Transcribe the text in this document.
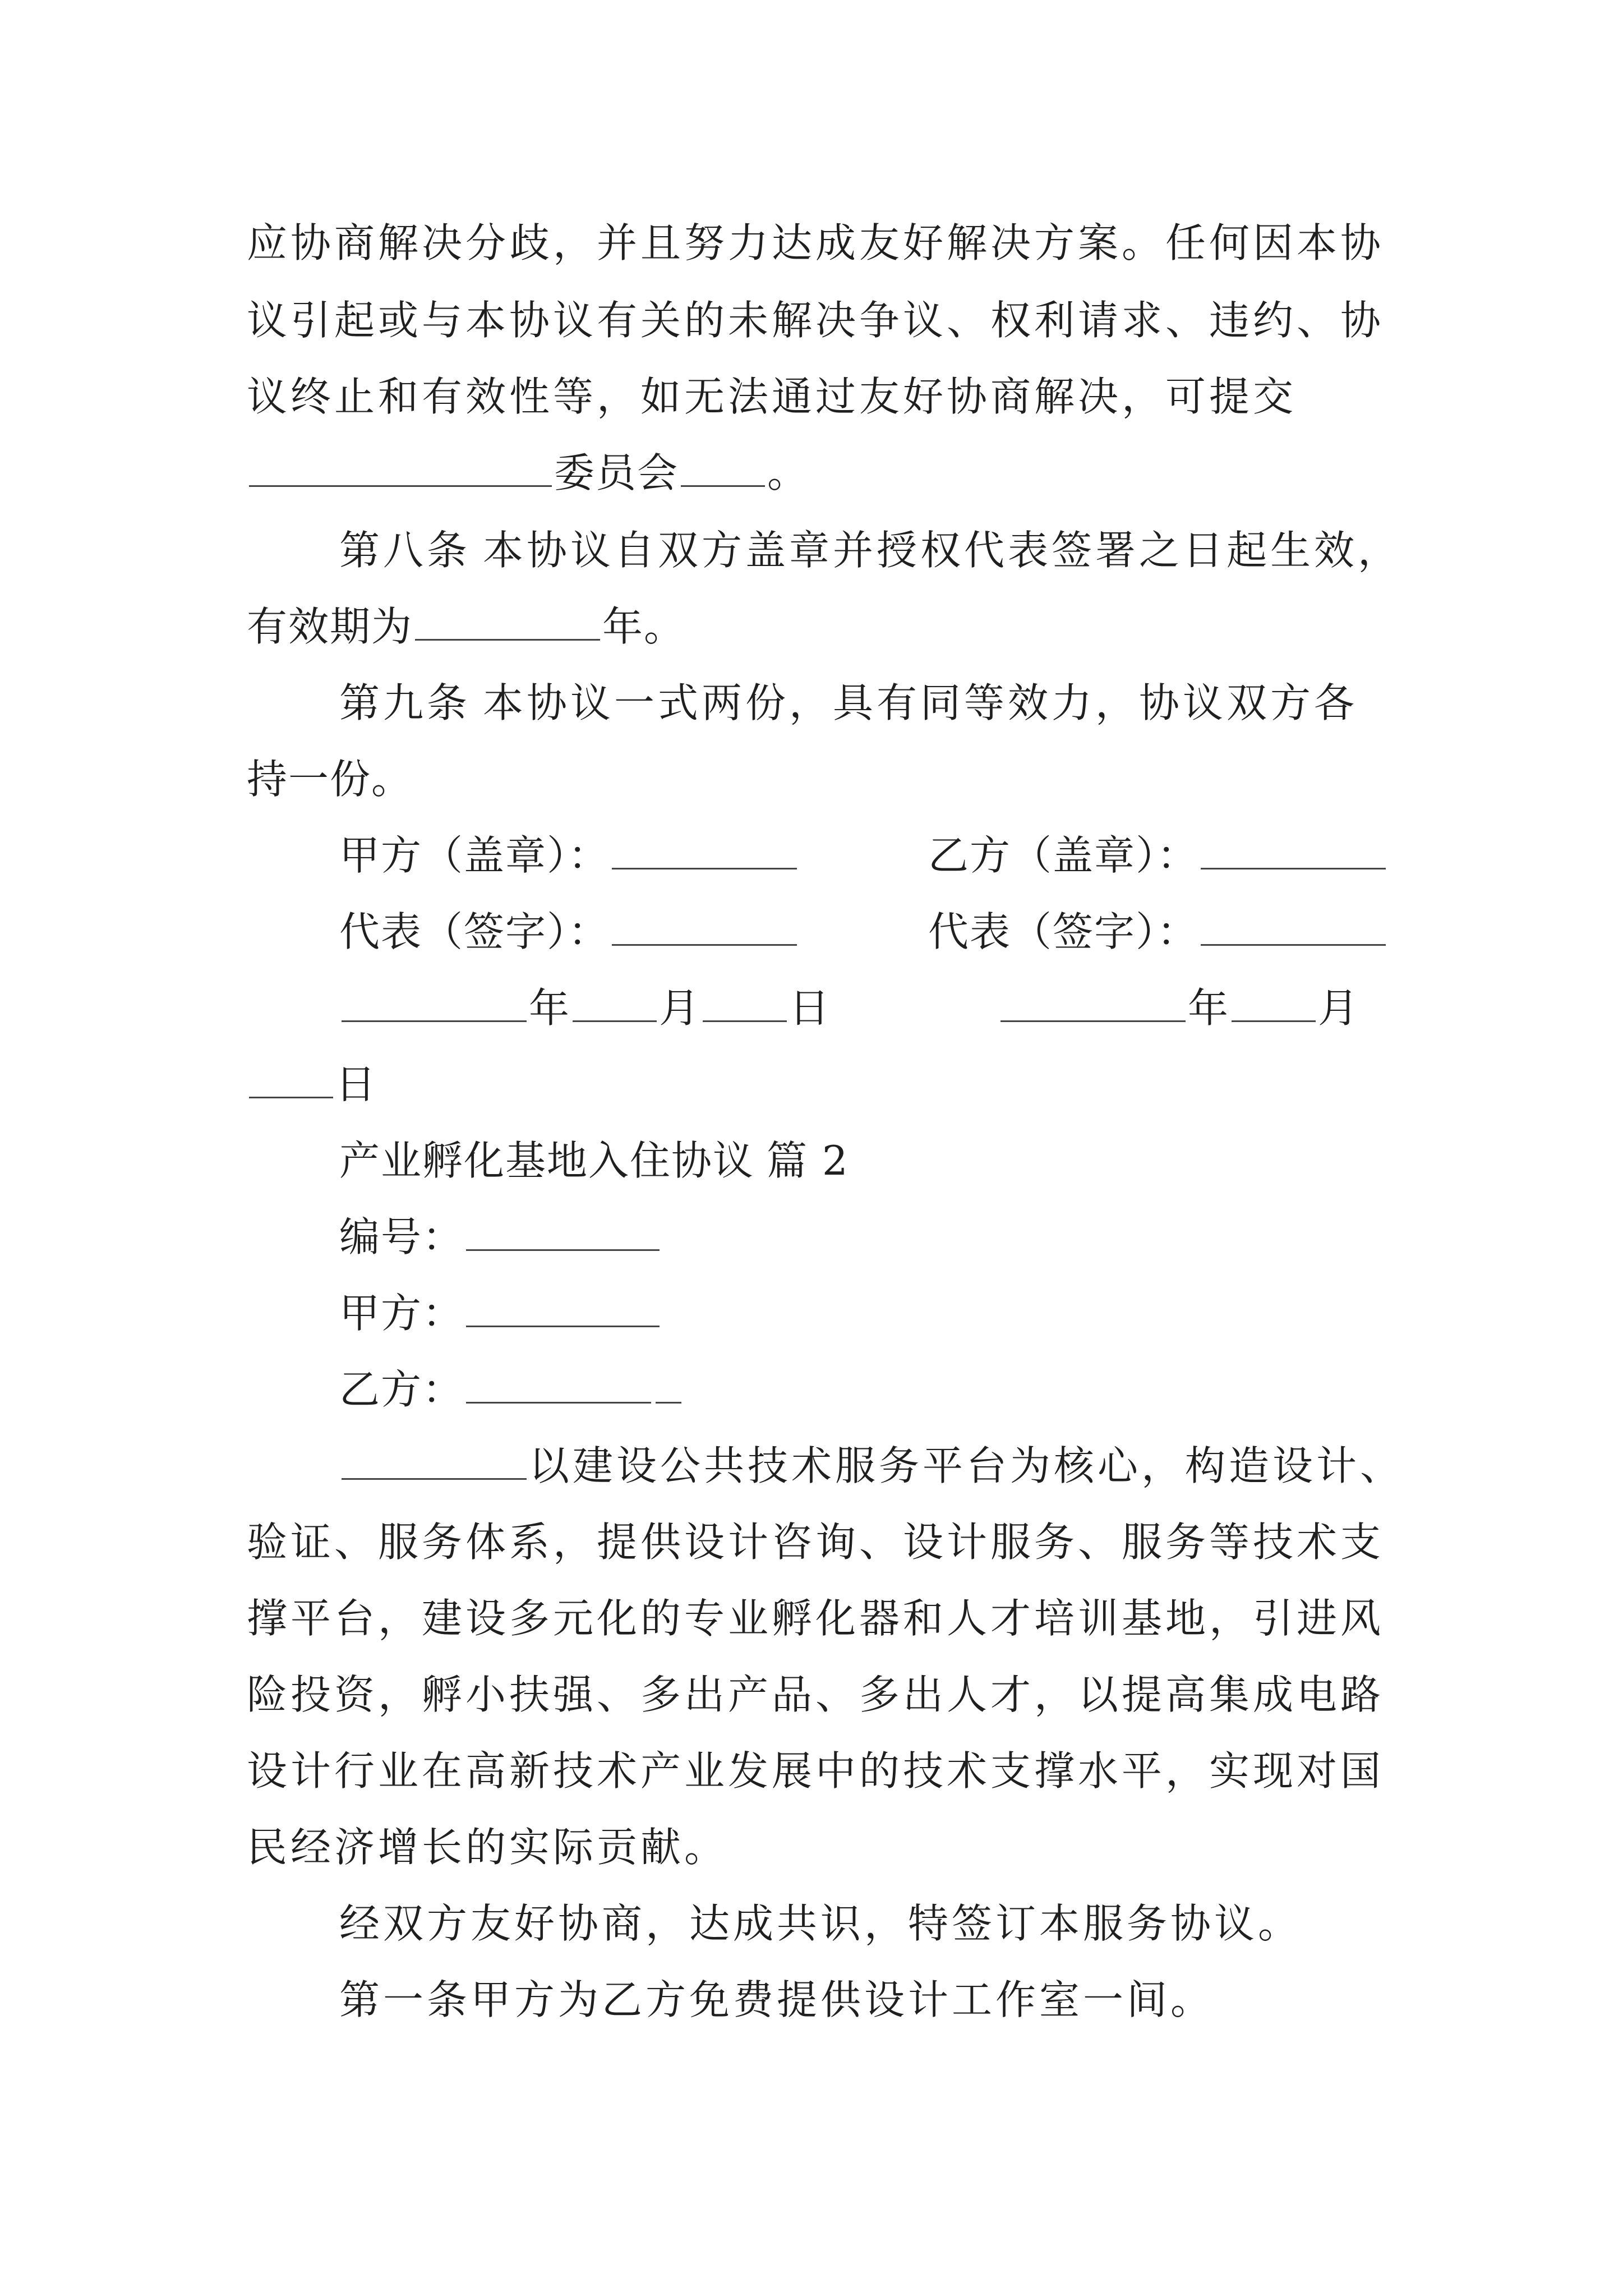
应协商解决分歧，并且努力达成友好解决方案。任何因本协
议引起或与本协议有关的未解决争议、权利请求、违约、协
议终止和有效性等，如无法通过友好协商解决，可提交
委员会 。
第八条 本协议自双方盖章并授权代表签署之日起生效，
有效期为	年。
第九条 本协议一式两份，具有同等效力，协议双方各
持一份。
甲方（盖章）：	乙方（盖章）：
代表（签字）：	代表（签字）：
年 月 日	年 月
日
产业孵化基地入住协议 篇 2
编号：
甲方：
乙方：
以建设公共技术服务平台为核心，构造设计、
验证、服务体系，提供设计咨询、设计服务、服务等技术支
撑平台，建设多元化的专业孵化器和人才培训基地，引进风
险投资，孵小扶强、多出产品、多出人才，以提高集成电路
设计行业在高新技术产业发展中的技术支撑水平，实现对国
民经济增长的实际贡献。
经双方友好协商，达成共识，特签订本服务协议。
第一条甲方为乙方免费提供设计工作室一间。
